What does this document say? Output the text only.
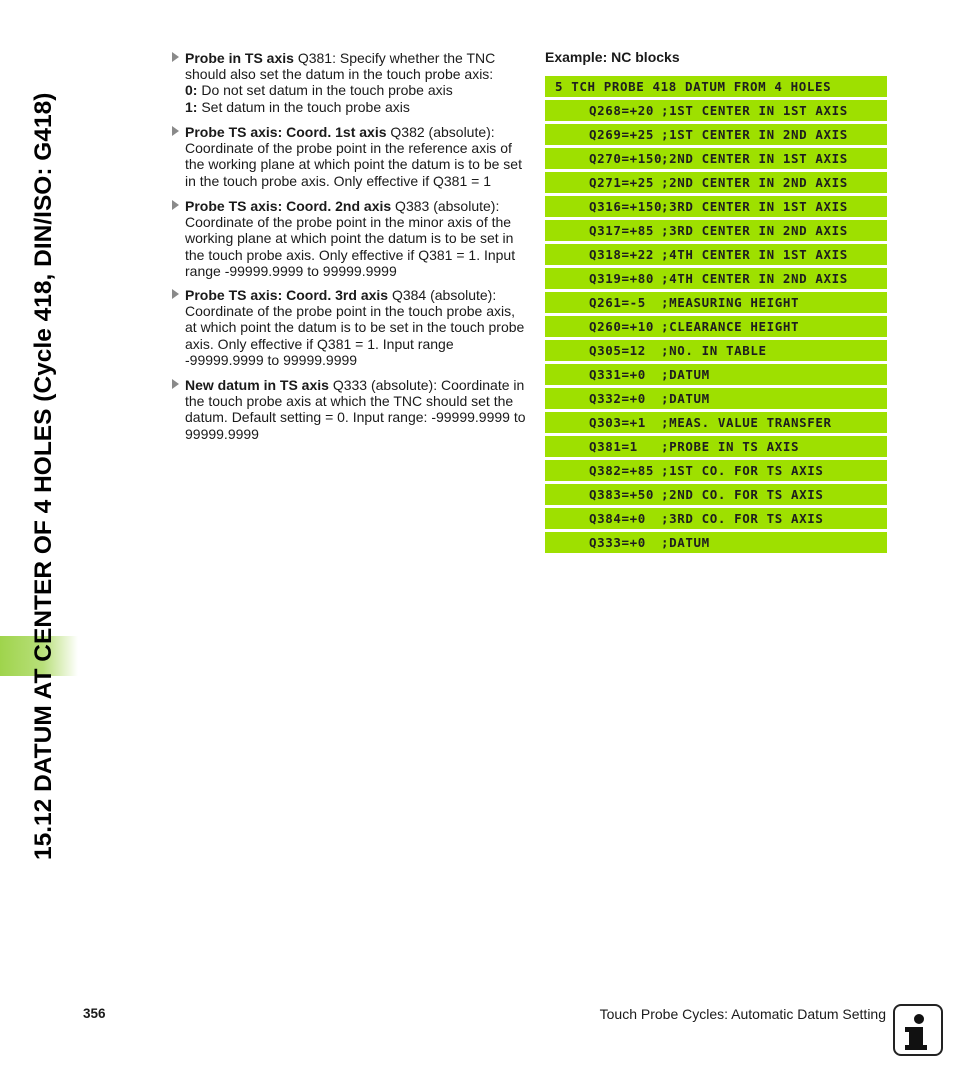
15.12 DATUM AT CENTER OF 4 HOLES (Cycle 418, DIN/ISO: G418)
Probe in TS axis Q381: Specify whether the TNC should also set the datum in the touch probe axis:
0: Do not set datum in the touch probe axis
1: Set datum in the touch probe axis
Probe TS axis: Coord. 1st axis Q382 (absolute): Coordinate of the probe point in the reference axis of the working plane at which point the datum is to be set in the touch probe axis. Only effective if Q381 = 1
Probe TS axis: Coord. 2nd axis Q383 (absolute): Coordinate of the probe point in the minor axis of the working plane at which point the datum is to be set in the touch probe axis. Only effective if Q381 = 1. Input range -99999.9999 to 99999.9999
Probe TS axis: Coord. 3rd axis Q384 (absolute): Coordinate of the probe point in the touch probe axis, at which point the datum is to be set in the touch probe axis. Only effective if Q381 = 1. Input range -99999.9999 to 99999.9999
New datum in TS axis Q333 (absolute): Coordinate in the touch probe axis at which the TNC should set the datum. Default setting = 0. Input range: -99999.9999 to 99999.9999
Example: NC blocks
5 TCH PROBE 418 DATUM FROM 4 HOLES
Q268=+20 ;1ST CENTER IN 1ST AXIS
Q269=+25 ;1ST CENTER IN 2ND AXIS
Q270=+150
;2ND CENTER IN 1ST AXIS
Q271=+25 ;2ND CENTER IN 2ND AXIS
Q316=+150
;3RD CENTER IN 1ST AXIS
Q317=+85 ;3RD CENTER IN 2ND AXIS
Q318=+22 ;4TH CENTER IN 1ST AXIS
Q319=+80 ;4TH CENTER IN 2ND AXIS
Q261=-5 ;MEASURING HEIGHT
Q260=+10 ;CLEARANCE HEIGHT
Q305=12 ;NO. IN TABLE
Q331=+0 ;DATUM
Q332=+0 ;DATUM
Q303=+1 ;MEAS. VALUE TRANSFER
Q381=1 ;PROBE IN TS AXIS
Q382=+85 ;1ST CO. FOR TS AXIS
Q383=+50 ;2ND CO. FOR TS AXIS
Q384=+0 ;3RD CO. FOR TS AXIS
Q333=+0 ;DATUM
356	Touch Probe Cycles: Automatic Datum Setting
